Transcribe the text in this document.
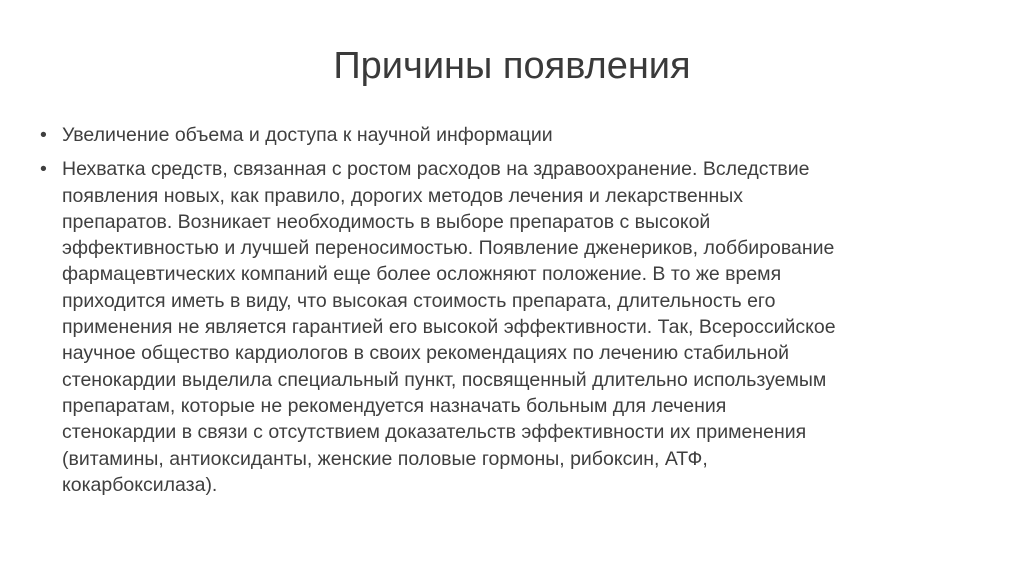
Причины появления
• Увеличение объема и доступа к научной информации
• Нехватка средств, связанная с ростом расходов на здравоохранение. Вследствие
появления новых, как правило, дорогих методов лечения и лекарственных
препаратов. Возникает необходимость в выборе препаратов с высокой
эффективностью и лучшей переносимостью. Появление дженериков, лоббирование
фармацевтических компаний еще более осложняют положение. В то же время
приходится иметь в виду, что высокая стоимость препарата, длительность его
применения не является гарантией его высокой эффективности. Так, Всероссийское
научное общество кардиологов в своих рекомендациях по лечению стабильной
стенокардии выделила специальный пункт, посвященный длительно используемым
препаратам, которые не рекомендуется назначать больным для лечения
стенокардии в связи с отсутствием доказательств эффективности их применения
(витамины, антиоксиданты, женские половые гормоны, рибоксин, АТФ,
кокарбоксилаза).
